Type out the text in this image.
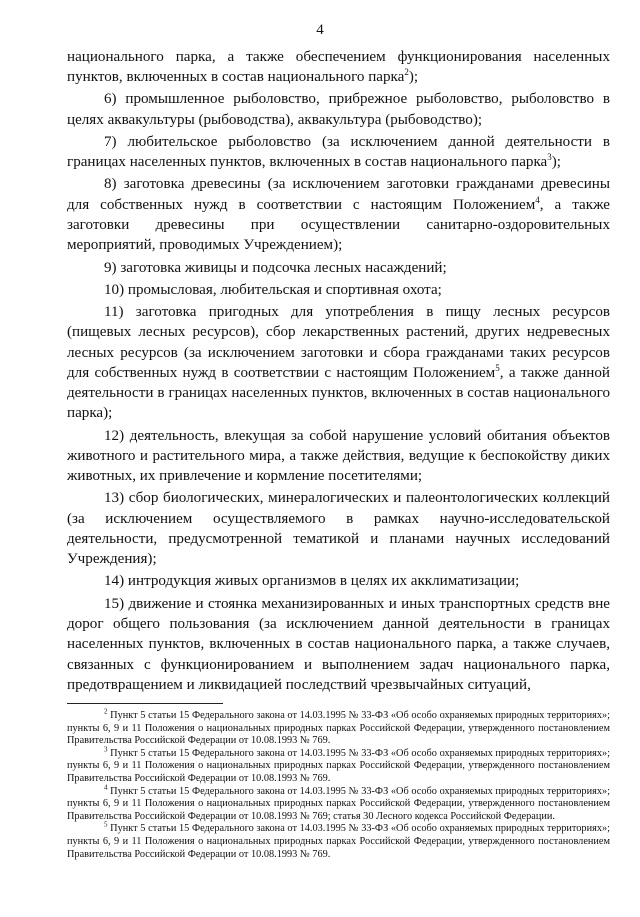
4

национального парка, а также обеспечением функционирования населенных пунктов, включенных в состав национального парка$^2$);

6) промышленное рыболовство, прибрежное рыболовство, рыболовство в целях аквакультуры (рыбоводства), аквакультура (рыбоводство);

7) любительское рыболовство (за исключением данной деятельности в границах населенных пунктов, включенных в состав национального парка$^3$);

8) заготовка древесины (за исключением заготовки гражданами древесины для собственных нужд в соответствии с настоящим Положением$^4$, а также заготовки древесины при осуществлении санитарно-оздоровительных мероприятий, проводимых Учреждением);

9) заготовка живицы и подсочка лесных насаждений;

10) промысловая, любительская и спортивная охота;

11) заготовка пригодных для употребления в пищу лесных ресурсов (пищевых лесных ресурсов), сбор лекарственных растений, других недревесных лесных ресурсов (за исключением заготовки и сбора гражданами таких ресурсов для собственных нужд в соответствии с настоящим Положением$^5$, а также данной деятельности в границах населенных пунктов, включенных в состав национального парка);

12) деятельность, влекущая за собой нарушение условий обитания объектов животного и растительного мира, а также действия, ведущие к беспокойству диких животных, их привлечение и кормление посетителями;

13) сбор биологических, минералогических и палеонтологических коллекций (за исключением осуществляемого в рамках научно-исследовательской деятельности, предусмотренной тематикой и планами научных исследований Учреждения);

14) интродукция живых организмов в целях их акклиматизации;

15) движение и стоянка механизированных и иных транспортных средств вне дорог общего пользования (за исключением данной деятельности в границах населенных пунктов, включенных в состав национального парка, а также случаев, связанных с функционированием и выполнением задач национального парка, предотвращением и ликвидацией последствий чрезвычайных ситуаций,

$^2$ Пункт 5 статьи 15 Федерального закона от 14.03.1995 № 33-ФЗ «Об особо охраняемых природных территориях»; пункты 6, 9 и 11 Положения о национальных природных парках Российской Федерации, утвержденного постановлением Правительства Российской Федерации от 10.08.1993 № 769.

$^3$ Пункт 5 статьи 15 Федерального закона от 14.03.1995 № 33-ФЗ «Об особо охраняемых природных территориях»; пункты 6, 9 и 11 Положения о национальных природных парках Российской Федерации, утвержденного постановлением Правительства Российской Федерации от 10.08.1993 № 769.

$^4$ Пункт 5 статьи 15 Федерального закона от 14.03.1995 № 33-ФЗ «Об особо охраняемых природных территориях»; пункты 6, 9 и 11 Положения о национальных природных парках Российской Федерации, утвержденного постановлением Правительства Российской Федерации от 10.08.1993 № 769; статья 30 Лесного кодекса Российской Федерации.

$^5$ Пункт 5 статьи 15 Федерального закона от 14.03.1995 № 33-ФЗ «Об особо охраняемых природных территориях»; пункты 6, 9 и 11 Положения о национальных природных парках Российской Федерации, утвержденного постановлением Правительства Российской Федерации от 10.08.1993 № 769.
